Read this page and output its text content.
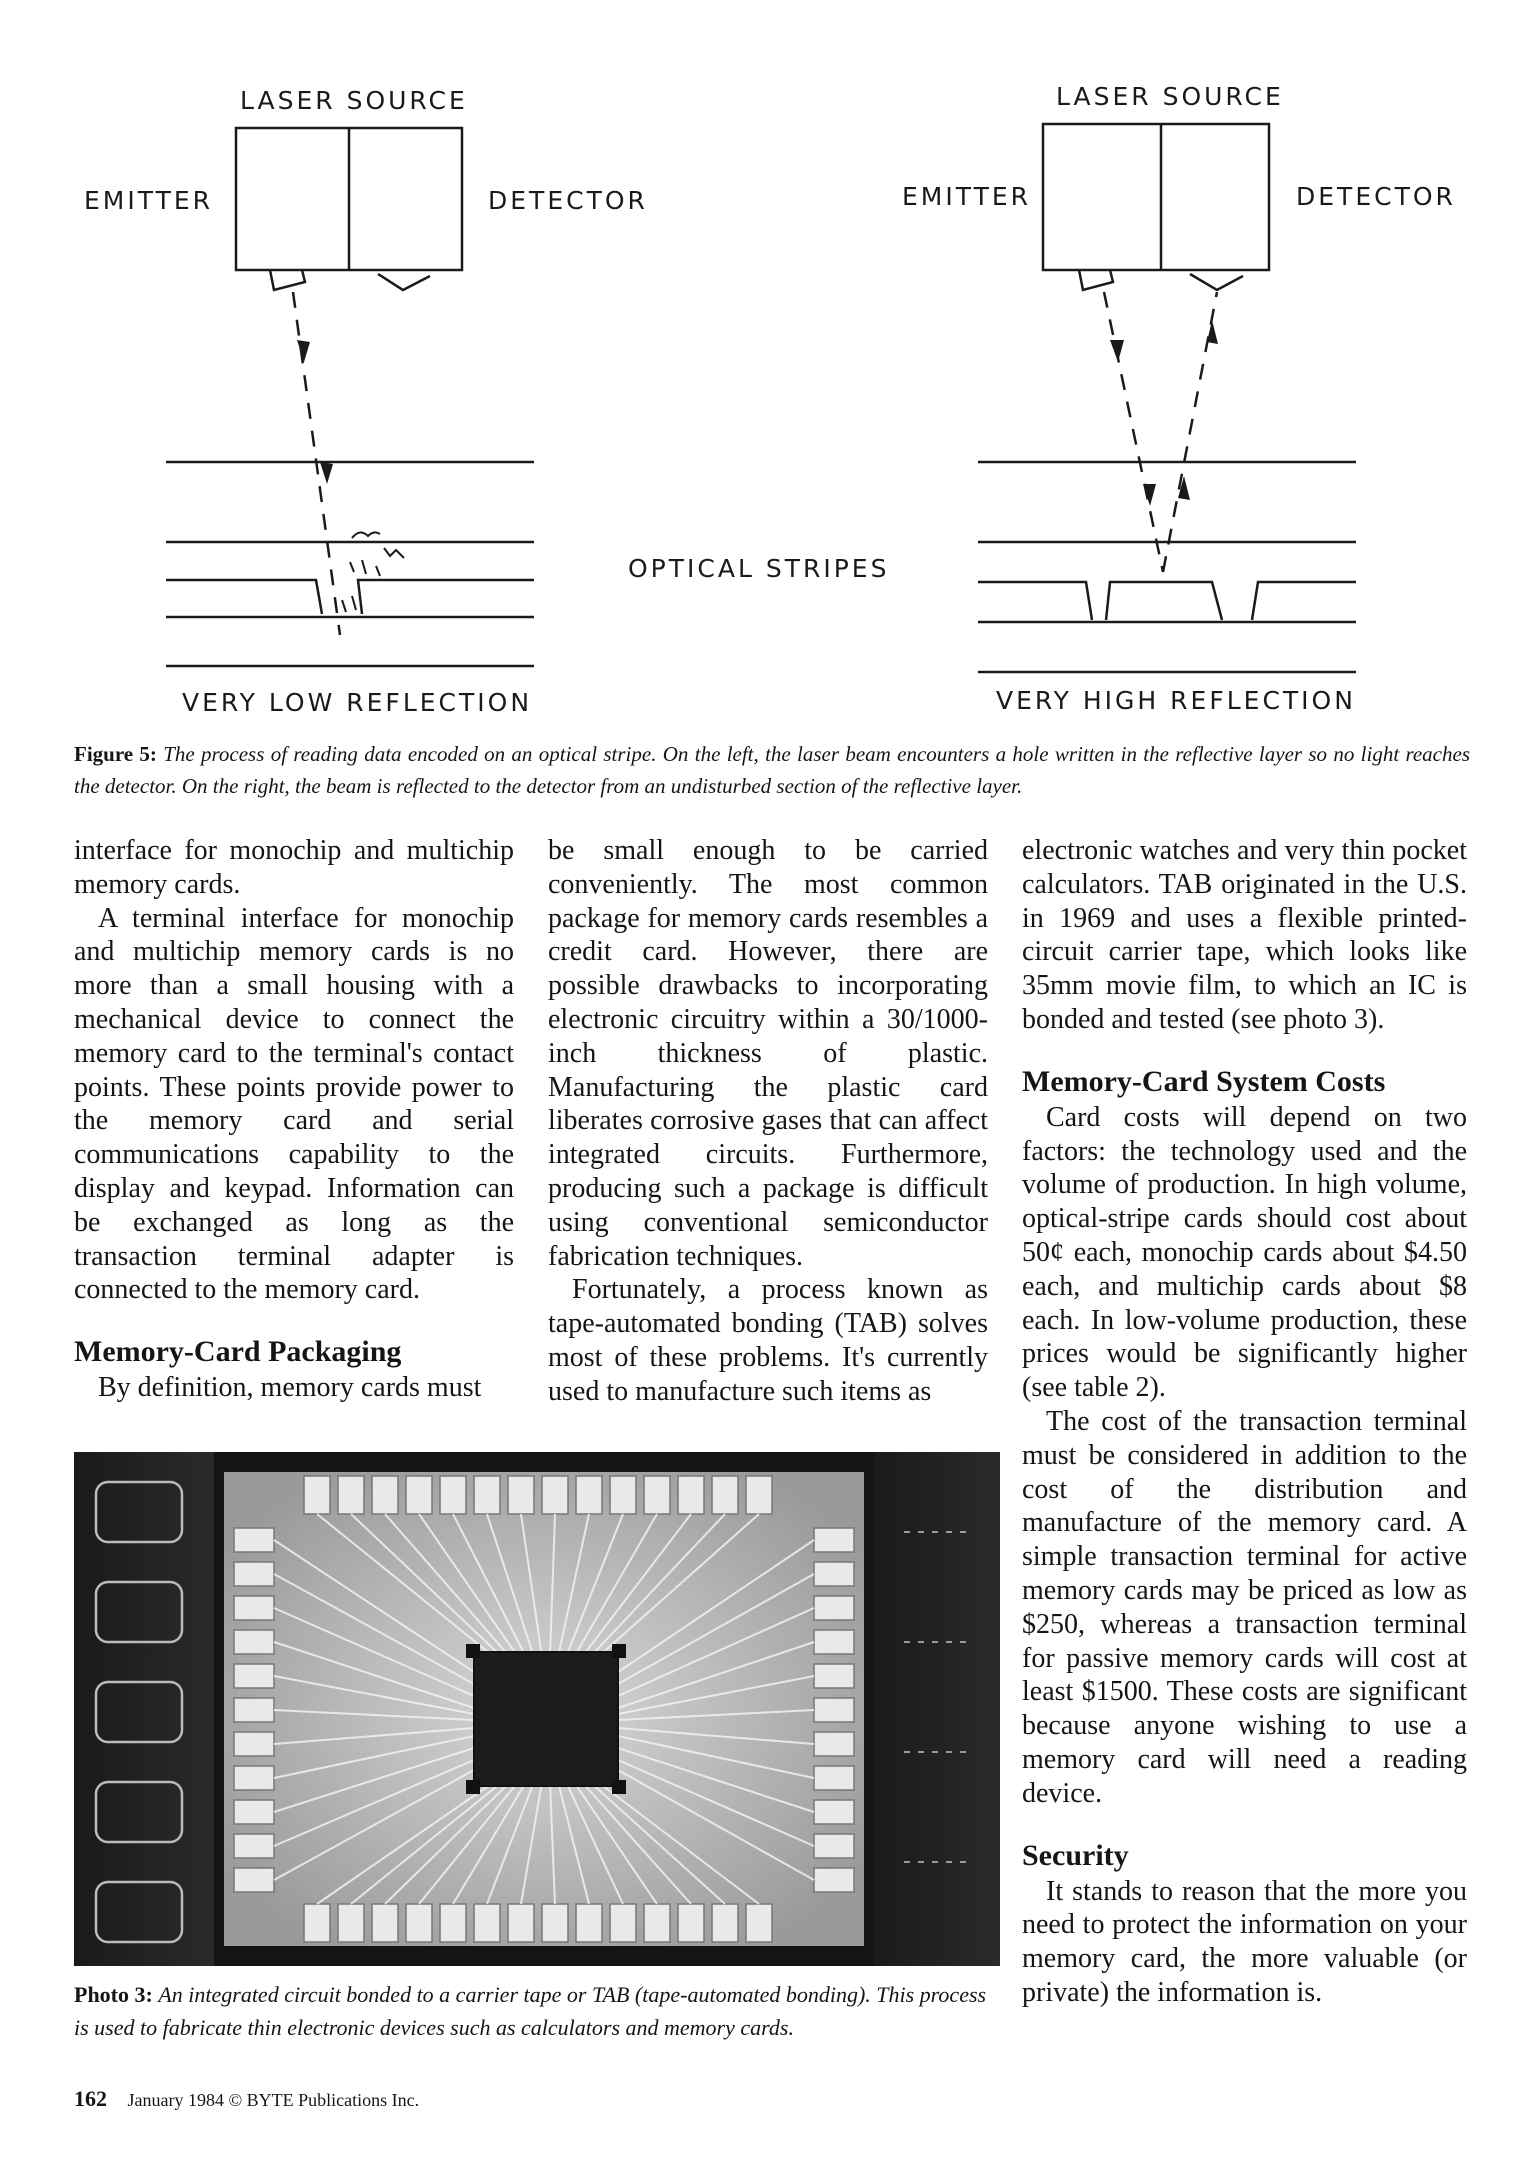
LASER SOURCE	LASER SOURCE
EMITTER	DETECTOR	EMITTER	DETECTOR
OPTICAL STRIPES
VERY LOW REFLECTION	VERY HIGH REFLECTION
Figure 5: The process of reading data encoded on an optical stripe. On the left, the laser beam encounters a hole written in the reflective layer so no light reaches the detector. On the right, the beam is reflected to the detector from an undisturbed section of the reflective layer.

interface for monochip and multichip memory cards.

A terminal interface for monochip and multichip memory cards is no more than a small housing with a mechanical device to connect the memory card to the terminal's contact points. These points provide power to the memory card and serial communications capability to the display and keypad. Information can be exchanged as long as the transaction terminal adapter is connected to the memory card.

Memory-Card Packaging

By definition, memory cards must

be small enough to be carried conveniently. The most common package for memory cards resembles a credit card. However, there are possible drawbacks to incorporating electronic circuitry within a 30/1000-inch thickness of plastic. Manufacturing the plastic card liberates corrosive gases that can affect integrated circuits. Furthermore, producing such a package is difficult using conventional semiconductor fabrication techniques.

Fortunately, a process known as tape-automated bonding (TAB) solves most of these problems. It's currently used to manufacture such items as

electronic watches and very thin pocket calculators. TAB originated in the U.S. in 1969 and uses a flexible printed-circuit carrier tape, which looks like 35mm movie film, to which an IC is bonded and tested (see photo 3).

Memory-Card System Costs

Card costs will depend on two factors: the technology used and the volume of production. In high volume, optical-stripe cards should cost about 50¢ each, monochip cards about $4.50 each, and multichip cards about $8 each. In low-volume production, these prices would be significantly higher (see table 2).

The cost of the transaction terminal must be considered in addition to the cost of the distribution and manufacture of the memory card. A simple transaction terminal for active memory cards may be priced as low as $250, whereas a transaction terminal for passive memory cards will cost at least $1500. These costs are significant because anyone wishing to use a memory card will need a reading device.

Security

It stands to reason that the more you need to protect the information on your memory card, the more valuable (or private) the information is.

Photo 3: An integrated circuit bonded to a carrier tape or TAB (tape-automated bonding). This process is used to fabricate thin electronic devices such as calculators and memory cards.
162 January 1984 © BYTE Publications Inc.
